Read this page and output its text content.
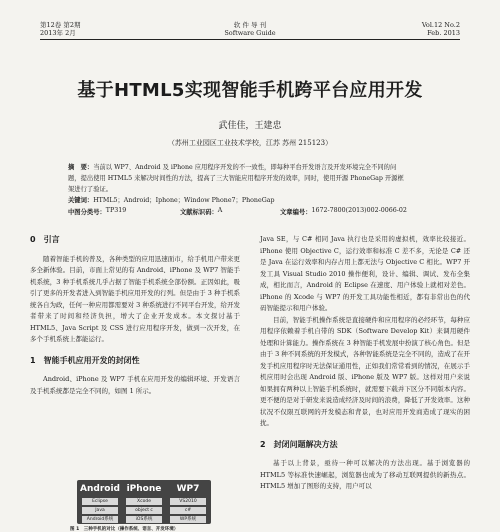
第12卷 第2期
2013年 2月
软 件 导 刊
Software Guide
Vol.12 No.2
Feb. 2013
基于HTML5实现智能手机跨平台应用开发
武佳佳，王建忠
（苏州工业园区工业技术学校，江苏 苏州 215123）
摘　要：当前以 WP7、Android 及 iPhone 应用程序开发的不一致性，即每种平台开发语言及开发环境完全不同的问
题，提出使用 HTML5 来解决时间性的方法，提高了三大智能应用程序开发的效率，同时，使用开源 PhoneGap 开源框
架进行了验证。
关键词：HTML5；Android；Iphone；Window Phone7；PhoneGap
中图分类号： TP319	文献标识码： A	文章编号： 1672-7800(2013)002-0066-02
0　引言

随着智能手机的普及，各种类型的应用迅速面市，给手机用户带来更多全新体验。目前，市面上常见的有 Android、iPhone 及 WP7 智能手机系统，3 种手机系统几乎占据了智能手机系统全部份额。正因如此，吸引了更多的开发者进入到智能手机应用开发的行列。但是由于 3 种手机系统各自为政，任何一种应用都需要对 3 种系统进行不同平台开发，给开发者带来了时间和经济负担，增大了企业开发成本。本文探讨基于 HTML5、Java Script 及 CSS 进行应用程序开发，做到一次开发，在多个手机系统上都能运行。

1　智能手机应用开发的封闭性

Android、iPhone 及 WP7 手机在应用开发的编辑环境、开发语言及手机系统都是完全不同的，如图 1 所示。

Java SE，与 C# 相同 Java 执行也是采用的虚拟机，效率比较接近。iPhone 使用 Objective C，运行效率和标准 C 差不多，无论是 C# 还是 Java 在运行效率和内存占用上都无法与 Objective C 相比。WP7 开发工具 Visual Studio 2010 操作便利，设计、编辑、调试、发布全集成，相比而言，Android 的 Eclipse 在速度、用户体验上就相对差色。iPhone 的 Xcode 与 WP7 的开发工具功能性相近，都有非常出色的代码智能提示和用户体验。

目前，智能手机操作系统是直接硬件和应用程序的必经环节，每种应用程序依赖着手机自带的 SDK（Software Develop Kit）来调用硬件处理和计算能力。操作系统在 3 种智能手机发展中扮演了核心角色。但是由于 3 种不同系统的开发模式，各种智能系统是完全不同的，造成了在开发手机应用程序时无法保证通用性，正如我们常常看到的情况，在展示手机应用时会出现 Android 版、iPhone 版及 WP7 版。这样对用户来说如果拥有两种以上智能手机系统时，就需要下载并下区分不同版本内容。更不便的是对于研发来说造成经济及时间的浪费，降低了开发效率。这种状况不仅限互联网的开发模态和背景，也对应用开发商造成了现实的困扰。

2　封闭问题解决方法

基于以上背景，亟待一种可以解决的方法出现。基于浏览器的 HTML5 等标准快速崛起，浏览器也成为了移动互联网提供的新热点。HTML5 增加了图形的支持，用户可以

Android iPhone	WP7
Eclipse	Xcode	VS2010
Java	object c	c#
Android系统	iOS系统	WP系统
图 1　三种手机的对比（操作系统、语言、开发环境）
